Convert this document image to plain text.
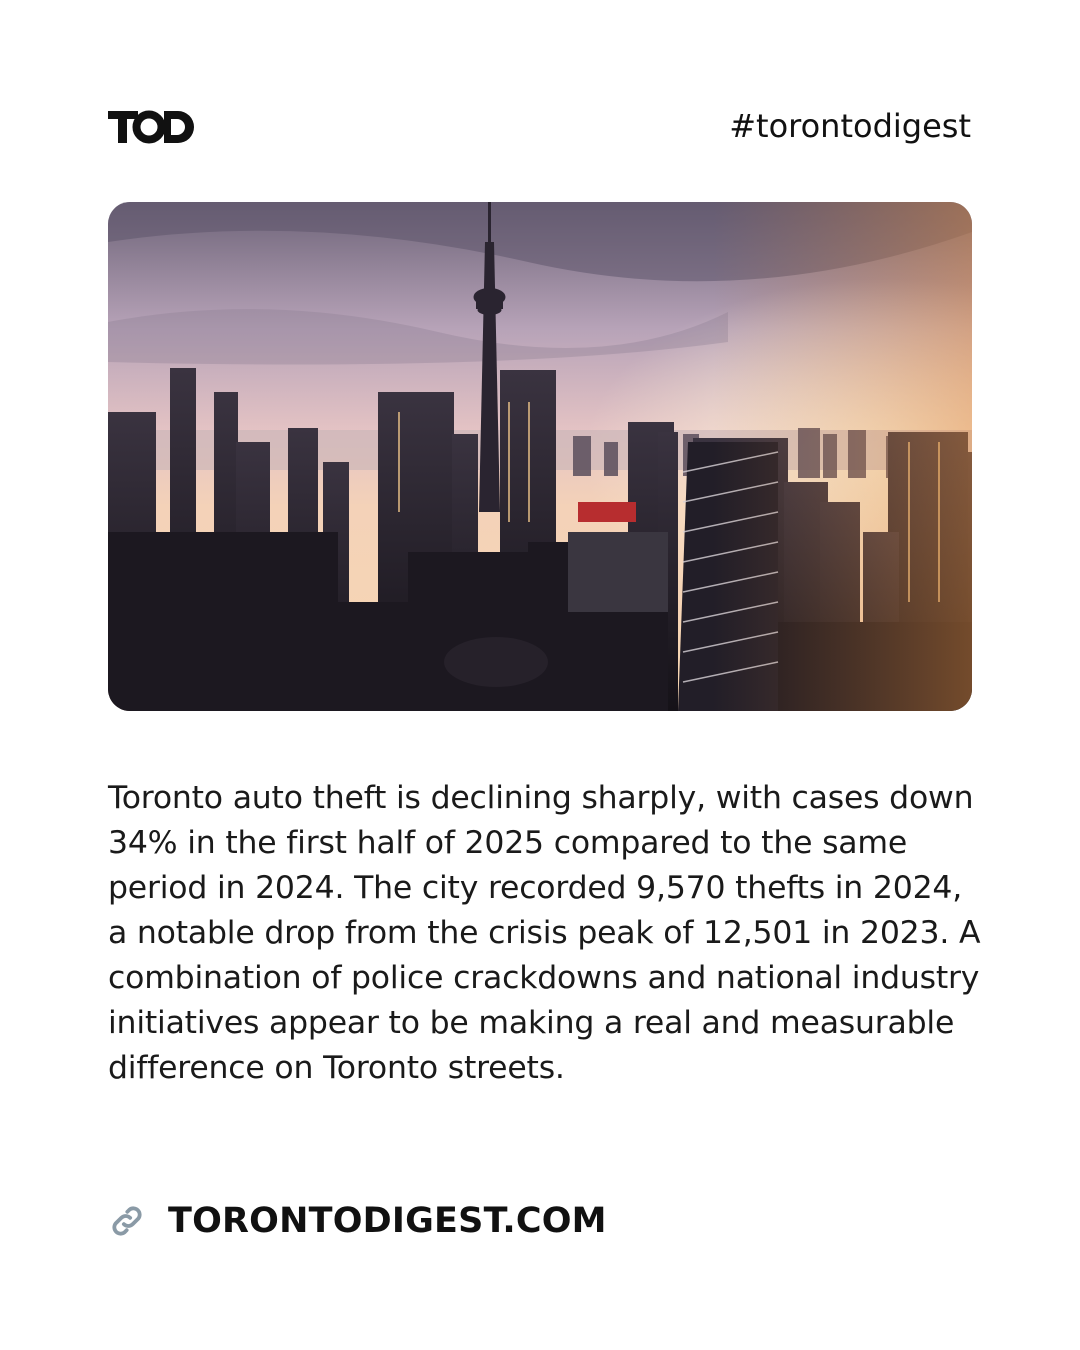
#torontodigest

Toronto auto theft is declining sharply, with cases down 34% in the first half of 2025 compared to the same period in 2024. The city recorded 9,570 thefts in 2024, a notable drop from the crisis peak of 12,501 in 2023. A combination of police crackdowns and national industry initiatives appear to be making a real and measurable difference on Toronto streets.

TORONTODIGEST.COM
